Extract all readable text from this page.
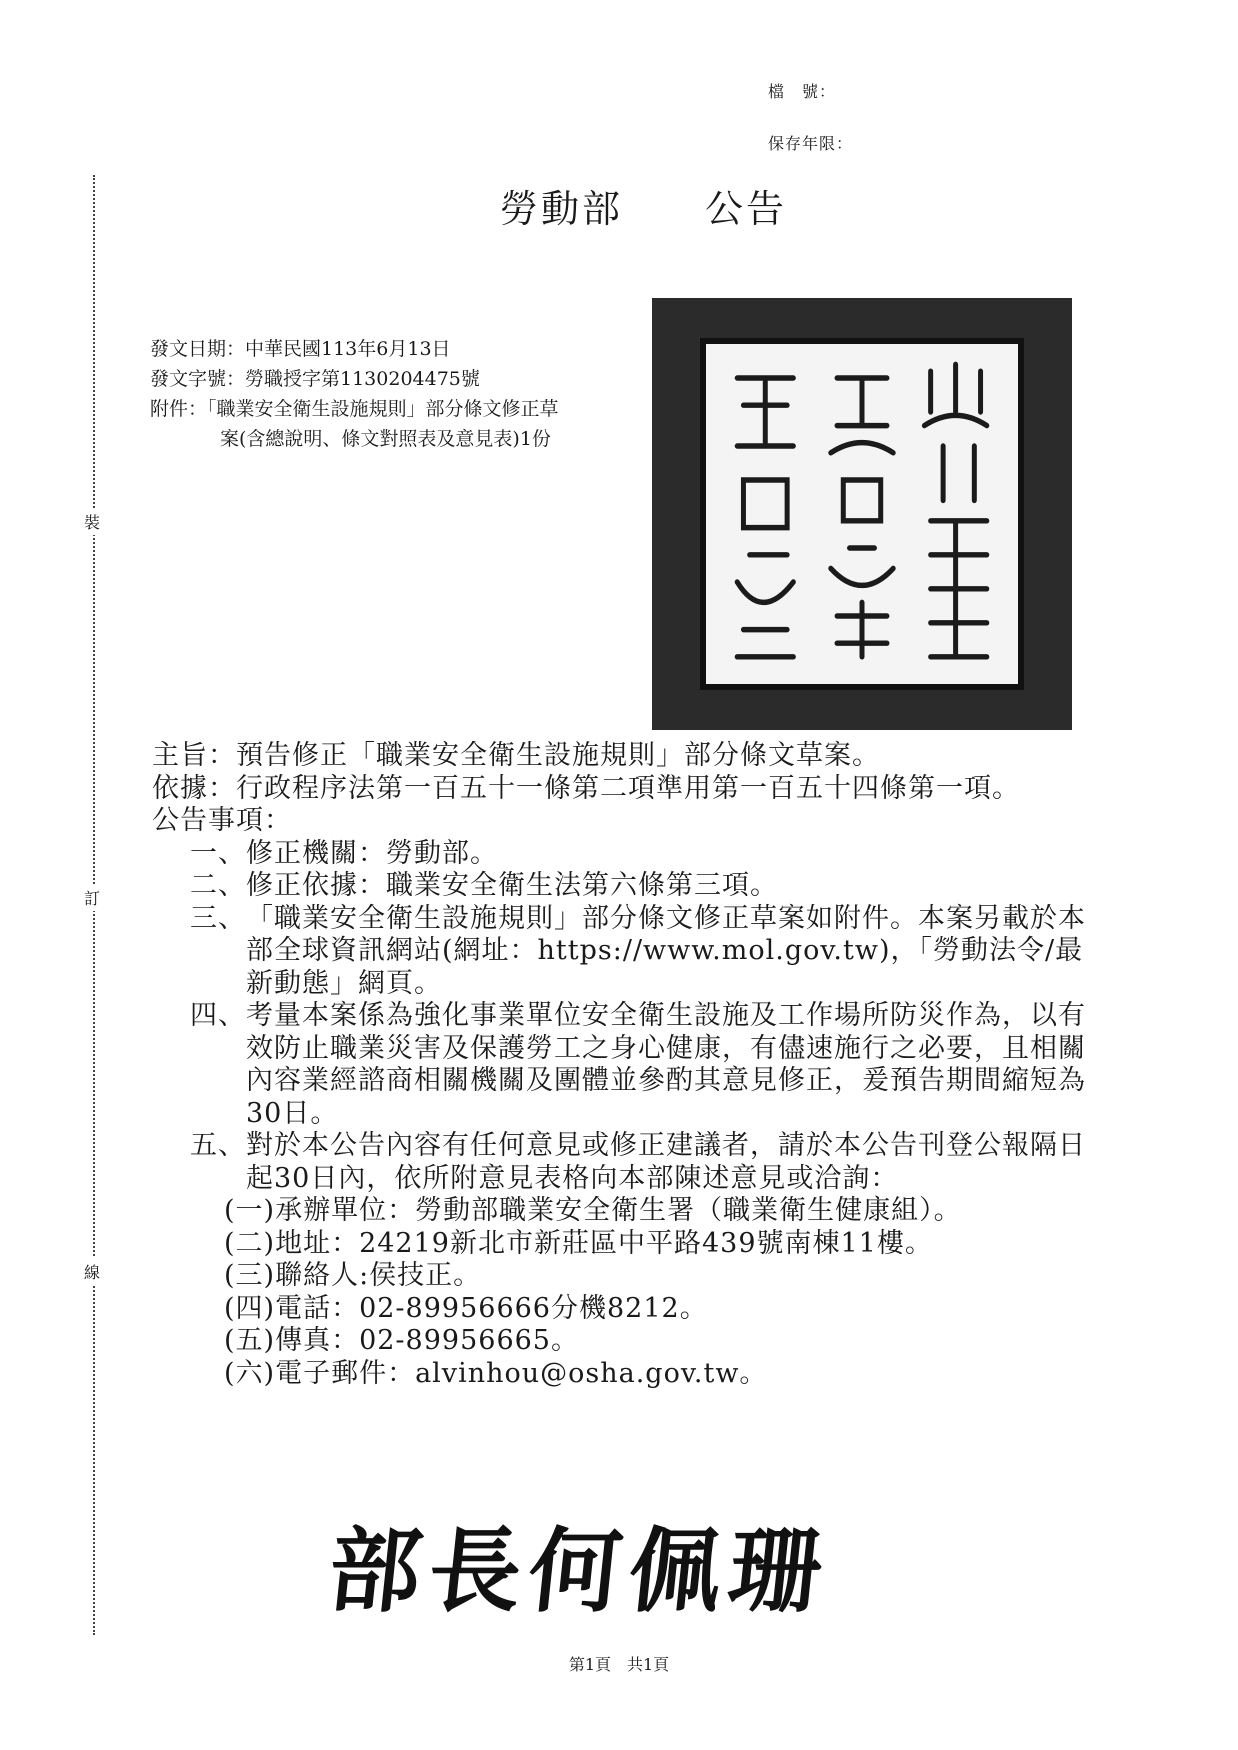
檔　號：
保存年限：
裝
訂
線
勞動部　　 公告
發文日期：中華民國113年6月13日
發文字號：勞職授字第1130204475號
附件：「職業安全衛生設施規則」部分條文修正草
案(含總說明、條文對照表及意見表)1份
主旨： 預告修正「職業安全衛生設施規則」部分條文草案。
依據： 行政程序法第一百五十一條第二項準用第一百五十四條第一項。
公告事項：
一、 修正機關：勞動部。
二、 修正依據：職業安全衛生法第六條第三項。
三、 「職業安全衛生設施規則」部分條文修正草案如附件。本案另載於本部全球資訊網站(網址：https://www.mol.gov.tw)，「勞動法令/最新動態」網頁。
四、 考量本案係為強化事業單位安全衛生設施及工作場所防災作為，以有效防止職業災害及保護勞工之身心健康，有儘速施行之必要，且相關內容業經諮商相關機關及團體並參酌其意見修正，爰預告期間縮短為30日。
五、 對於本公告內容有任何意見或修正建議者，請於本公告刊登公報隔日起30日內，依所附意見表格向本部陳述意見或洽詢：
(一) 承辦單位：勞動部職業安全衛生署（職業衛生健康組）。
(二) 地址：24219新北市新莊區中平路439號南棟11樓。
(三) 聯絡人:侯技正。
(四) 電話：02-89956666分機8212。
(五) 傳真：02-89956665。
(六) 電子郵件：alvinhou@osha.gov.tw。
部長何佩珊
第1頁　共1頁
